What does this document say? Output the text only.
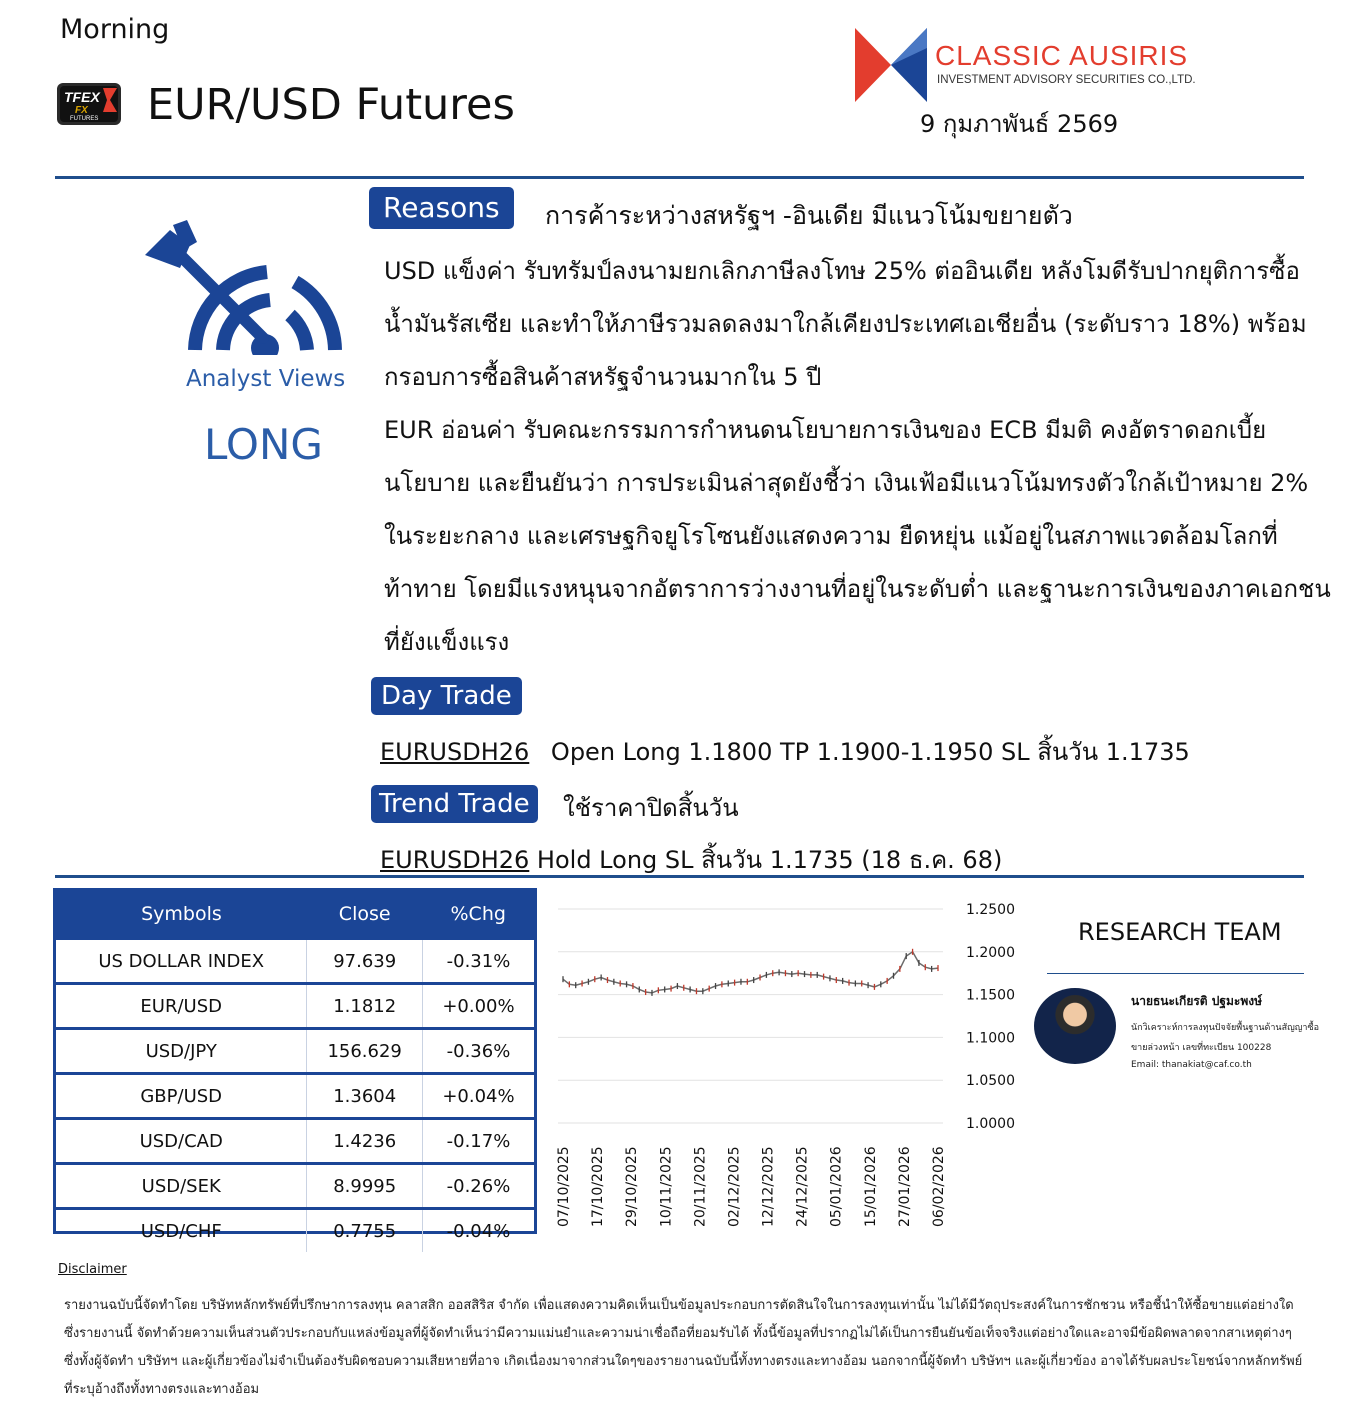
Morning
TFEX
FX
FUTURES EUR/USD Futures
CLASSIC AUSIRIS
INVESTMENT ADVISORY SECURITIES CO.,LTD.
9 กุมภาพันธ์ 2569
Analyst Views
LONG
Reasons	การค้าระหว่างสหรัฐฯ -อินเดีย มีแนวโน้มขยายตัว

USD แข็งค่า รับทรัมป์ลงนามยกเลิกภาษีลงโทษ 25% ต่ออินเดีย หลังโมดีรับปากยุติการซื้อน้ำมันรัสเซีย และทำให้ภาษีรวมลดลงมาใกล้เคียงประเทศเอเชียอื่น (ระดับราว 18%) พร้อมกรอบการซื้อสินค้าสหรัฐจำนวนมากใน 5 ปี

EUR อ่อนค่า รับคณะกรรมการกำหนดนโยบายการเงินของ ECB มีมติ คงอัตราดอกเบี้ยนโยบาย และยืนยันว่า การประเมินล่าสุดยังชี้ว่า เงินเฟ้อมีแนวโน้มทรงตัวใกล้เป้าหมาย 2% ในระยะกลาง และเศรษฐกิจยูโรโซนยังแสดงความ ยืดหยุ่น แม้อยู่ในสภาพแวดล้อมโลกที่ท้าทาย โดยมีแรงหนุนจากอัตราการว่างงานที่อยู่ในระดับต่ำ และฐานะการเงินของภาคเอกชนที่ยังแข็งแรง

Day Trade
EURUSDH26 Open Long 1.1800 TP 1.1900-1.1950 SL สิ้นวัน 1.1735
Trend Trade	ใช้ราคาปิดสิ้นวัน
EURUSDH26 Hold Long SL สิ้นวัน 1.1735 (18 ธ.ค. 68)
Symbols	Close	%Chg
US DOLLAR INDEX	97.639	-0.31%
EUR/USD	1.1812	+0.00%
USD/JPY	156.629	-0.36%
GBP/USD	1.3604	+0.04%
USD/CAD	1.4236	-0.17%
USD/SEK	8.9995	-0.26%
USD/CHF	0.7755	-0.04%
1.2500
1.2000
1.1500
1.1000
1.0500
1.0000
07/10/2025 17/10/2025 29/10/2025 10/11/2025 20/11/2025 02/12/2025 12/12/2025 24/12/2025 05/01/2026 15/01/2026 27/01/2026 06/02/2026
RESEARCH TEAM
นายธนะเกียรติ ปฐมะพงษ์
นักวิเคราะห์การลงทุนปัจจัยพื้นฐานด้านสัญญาซื้อ
ขายล่วงหน้า เลขที่ทะเบียน 100228
Email: thanakiat@caf.co.th
Disclaimer
รายงานฉบับนี้จัดทำโดย บริษัทหลักทรัพย์ที่ปรึกษาการลงทุน คลาสสิก ออสสิริส จำกัด เพื่อแสดงความคิดเห็นเป็นข้อมูลประกอบการตัดสินใจในการลงทุนเท่านั้น ไม่ได้มีวัตถุประสงค์ในการชักชวน หรือชี้นำให้ซื้อขายแต่อย่างใด ซึ่งรายงานนี้ จัดทำด้วยความเห็นส่วนตัวประกอบกับแหล่งข้อมูลที่ผู้จัดทำเห็นว่ามีความแม่นยำและความน่าเชื่อถือที่ยอมรับได้ ทั้งนี้ข้อมูลที่ปรากฏไม่ได้เป็นการยืนยันข้อเท็จจริงแต่อย่างใดและอาจมีข้อผิดพลาดจากสาเหตุต่างๆ ซึ่งทั้งผู้จัดทำ บริษัทฯ และผู้เกี่ยวข้องไม่จำเป็นต้องรับผิดชอบความเสียหายที่อาจ เกิดเนื่องมาจากส่วนใดๆของรายงานฉบับนี้ทั้งทางตรงและทางอ้อม นอกจากนี้ผู้จัดทำ บริษัทฯ และผู้เกี่ยวข้อง อาจได้รับผลประโยชน์จากหลักทรัพย์ที่ระบุอ้างถึงทั้งทางตรงและทางอ้อม
